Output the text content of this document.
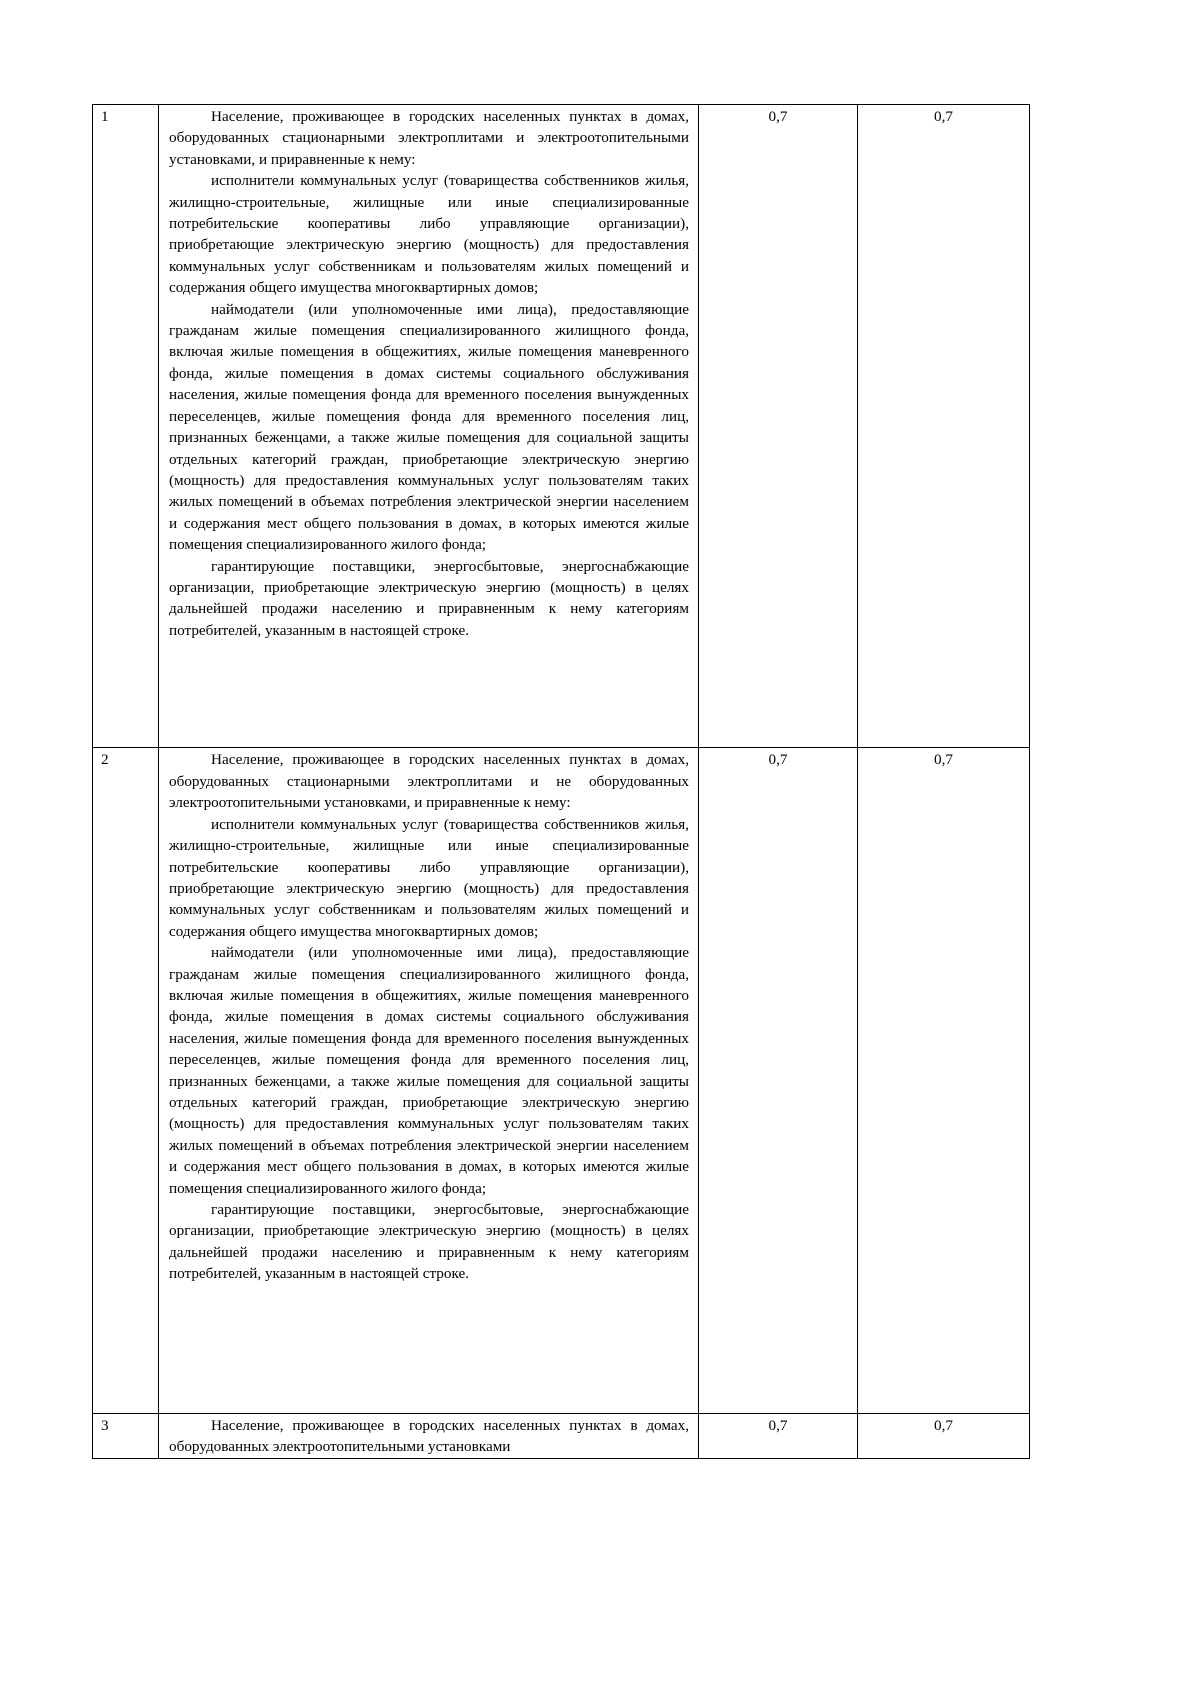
1	Население, проживающее в городских населенных пунктах в домах, оборудованных стационарными электроплитами и электроотопительными установками, и приравненные к нему:

исполнители коммунальных услуг (товарищества собственников жилья, жилищно-строительные, жилищные или иные специализированные потребительские кооперативы либо управляющие организации), приобретающие электрическую энергию (мощность) для предоставления коммунальных услуг собственникам и пользователям жилых помещений и содержания общего имущества многоквартирных домов;

наймодатели (или уполномоченные ими лица), предоставляющие гражданам жилые помещения специализированного жилищного фонда, включая жилые помещения в общежитиях, жилые помещения маневренного фонда, жилые помещения в домах системы социального обслуживания населения, жилые помещения фонда для временного поселения вынужденных переселенцев, жилые помещения фонда для временного поселения лиц, признанных беженцами, а также жилые помещения для социальной защиты отдельных категорий граждан, приобретающие электрическую энергию (мощность) для предоставления коммунальных услуг пользователям таких жилых помещений в объемах потребления электрической энергии населением и содержания мест общего пользования в домах, в которых имеются жилые помещения специализированного жилого фонда;

гарантирующие поставщики, энергосбытовые, энергоснабжающие организации, приобретающие электрическую энергию (мощность) в целях дальнейшей продажи населению и приравненным к нему категориям потребителей, указанным в настоящей строке.	0,7	0,7
2	Население, проживающее в городских населенных пунктах в домах, оборудованных стационарными электроплитами и не оборудованных электроотопительными установками, и приравненные к нему:

исполнители коммунальных услуг (товарищества собственников жилья, жилищно-строительные, жилищные или иные специализированные потребительские кооперативы либо управляющие организации), приобретающие электрическую энергию (мощность) для предоставления коммунальных услуг собственникам и пользователям жилых помещений и содержания общего имущества многоквартирных домов;

наймодатели (или уполномоченные ими лица), предоставляющие гражданам жилые помещения специализированного жилищного фонда, включая жилые помещения в общежитиях, жилые помещения маневренного фонда, жилые помещения в домах системы социального обслуживания населения, жилые помещения фонда для временного поселения вынужденных переселенцев, жилые помещения фонда для временного поселения лиц, признанных беженцами, а также жилые помещения для социальной защиты отдельных категорий граждан, приобретающие электрическую энергию (мощность) для предоставления коммунальных услуг пользователям таких жилых помещений в объемах потребления электрической энергии населением и содержания мест общего пользования в домах, в которых имеются жилые помещения специализированного жилого фонда;

гарантирующие поставщики, энергосбытовые, энергоснабжающие организации, приобретающие электрическую энергию (мощность) в целях дальнейшей продажи населению и приравненным к нему категориям потребителей, указанным в настоящей строке.	0,7	0,7
3	Население, проживающее в городских населенных пунктах в домах, оборудованных электроотопительными установками	0,7	0,7
